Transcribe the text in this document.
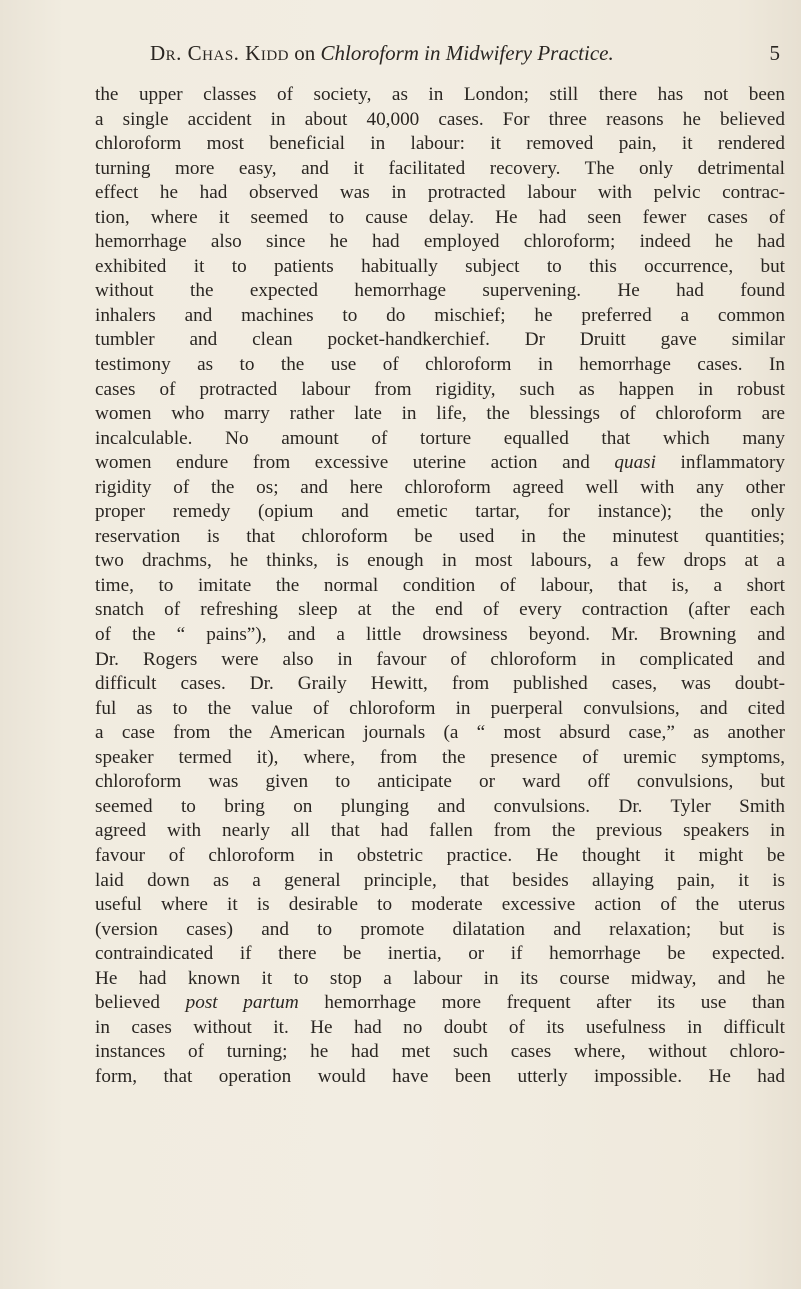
Dr. Chas. Kidd on Chloroform in Midwifery Practice.	5
the upper classes of society, as in London; still there has not been
a single accident in about 40,000 cases. For three reasons he believed
chloroform most beneficial in labour: it removed pain, it rendered
turning more easy, and it facilitated recovery. The only detrimental
effect he had observed was in protracted labour with pelvic contrac-
tion, where it seemed to cause delay. He had seen fewer cases of
hemorrhage also since he had employed chloroform; indeed he had
exhibited it to patients habitually subject to this occurrence, but
without the expected hemorrhage supervening. He had found
inhalers and machines to do mischief; he preferred a common
tumbler and clean pocket-handkerchief. Dr Druitt gave similar
testimony as to the use of chloroform in hemorrhage cases. In
cases of protracted labour from rigidity, such as happen in robust
women who marry rather late in life, the blessings of chloroform are
incalculable. No amount of torture equalled that which many
women endure from excessive uterine action and quasi inflammatory
rigidity of the os; and here chloroform agreed well with any other
proper remedy (opium and emetic tartar, for instance); the only
reservation is that chloroform be used in the minutest quantities;
two drachms, he thinks, is enough in most labours, a few drops at a
time, to imitate the normal condition of labour, that is, a short
snatch of refreshing sleep at the end of every contraction (after each
of the “ pains”), and a little drowsiness beyond. Mr. Browning and
Dr. Rogers were also in favour of chloroform in complicated and
difficult cases. Dr. Graily Hewitt, from published cases, was doubt-
ful as to the value of chloroform in puerperal convulsions, and cited
a case from the American journals (a “ most absurd case,” as another
speaker termed it), where, from the presence of uremic symptoms,
chloroform was given to anticipate or ward off convulsions, but
seemed to bring on plunging and convulsions. Dr. Tyler Smith
agreed with nearly all that had fallen from the previous speakers in
favour of chloroform in obstetric practice. He thought it might be
laid down as a general principle, that besides allaying pain, it is
useful where it is desirable to moderate excessive action of the uterus
(version cases) and to promote dilatation and relaxation; but is
contraindicated if there be inertia, or if hemorrhage be expected.
He had known it to stop a labour in its course midway, and he
believed post partum hemorrhage more frequent after its use than
in cases without it. He had no doubt of its usefulness in difficult
instances of turning; he had met such cases where, without chloro-
form, that operation would have been utterly impossible. He had
